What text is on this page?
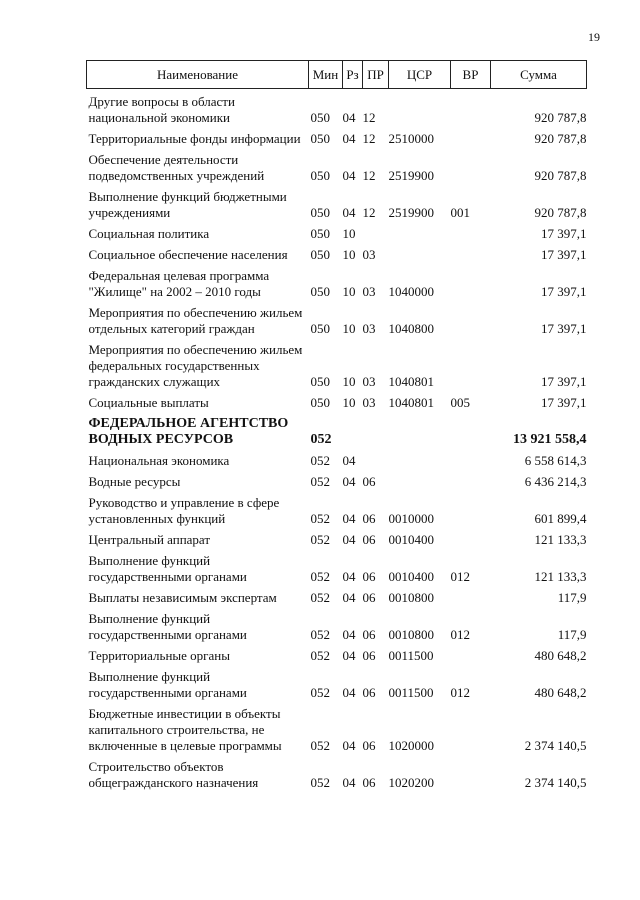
19
Наименование	Мин	Рз	ПР	ЦСР	ВР	Сумма
Другие вопросы в области национальной экономики	050	04	12			920 787,8
Территориальные фонды информации	050	04	12	2510000		920 787,8
Обеспечение деятельности подведомственных учреждений	050	04	12	2519900		920 787,8
Выполнение функций бюджетными учреждениями	050	04	12	2519900	001	920 787,8
Социальная политика	050	10				17 397,1
Социальное обеспечение населения	050	10	03			17 397,1
Федеральная целевая программа "Жилище" на 2002 – 2010 годы	050	10	03	1040000		17 397,1
Мероприятия по обеспечению жильем отдельных категорий граждан	050	10	03	1040800		17 397,1
Мероприятия по обеспечению жильем федеральных государственных гражданских служащих	050	10	03	1040801		17 397,1
Социальные выплаты	050	10	03	1040801	005	17 397,1
ФЕДЕРАЛЬНОЕ АГЕНТСТВО ВОДНЫХ РЕСУРСОВ	052					13 921 558,4
Национальная экономика	052	04				6 558 614,3
Водные ресурсы	052	04	06			6 436 214,3
Руководство и управление в сфере установленных функций	052	04	06	0010000		601 899,4
Центральный аппарат	052	04	06	0010400		121 133,3
Выполнение функций государственными органами	052	04	06	0010400	012	121 133,3
Выплаты независимым экспертам	052	04	06	0010800		117,9
Выполнение функций государственными органами	052	04	06	0010800	012	117,9
Территориальные органы	052	04	06	0011500		480 648,2
Выполнение функций государственными органами	052	04	06	0011500	012	480 648,2
Бюджетные инвестиции в объекты капитального строительства, не включенные в целевые программы	052	04	06	1020000		2 374 140,5
Строительство объектов общегражданского назначения	052	04	06	1020200		2 374 140,5
